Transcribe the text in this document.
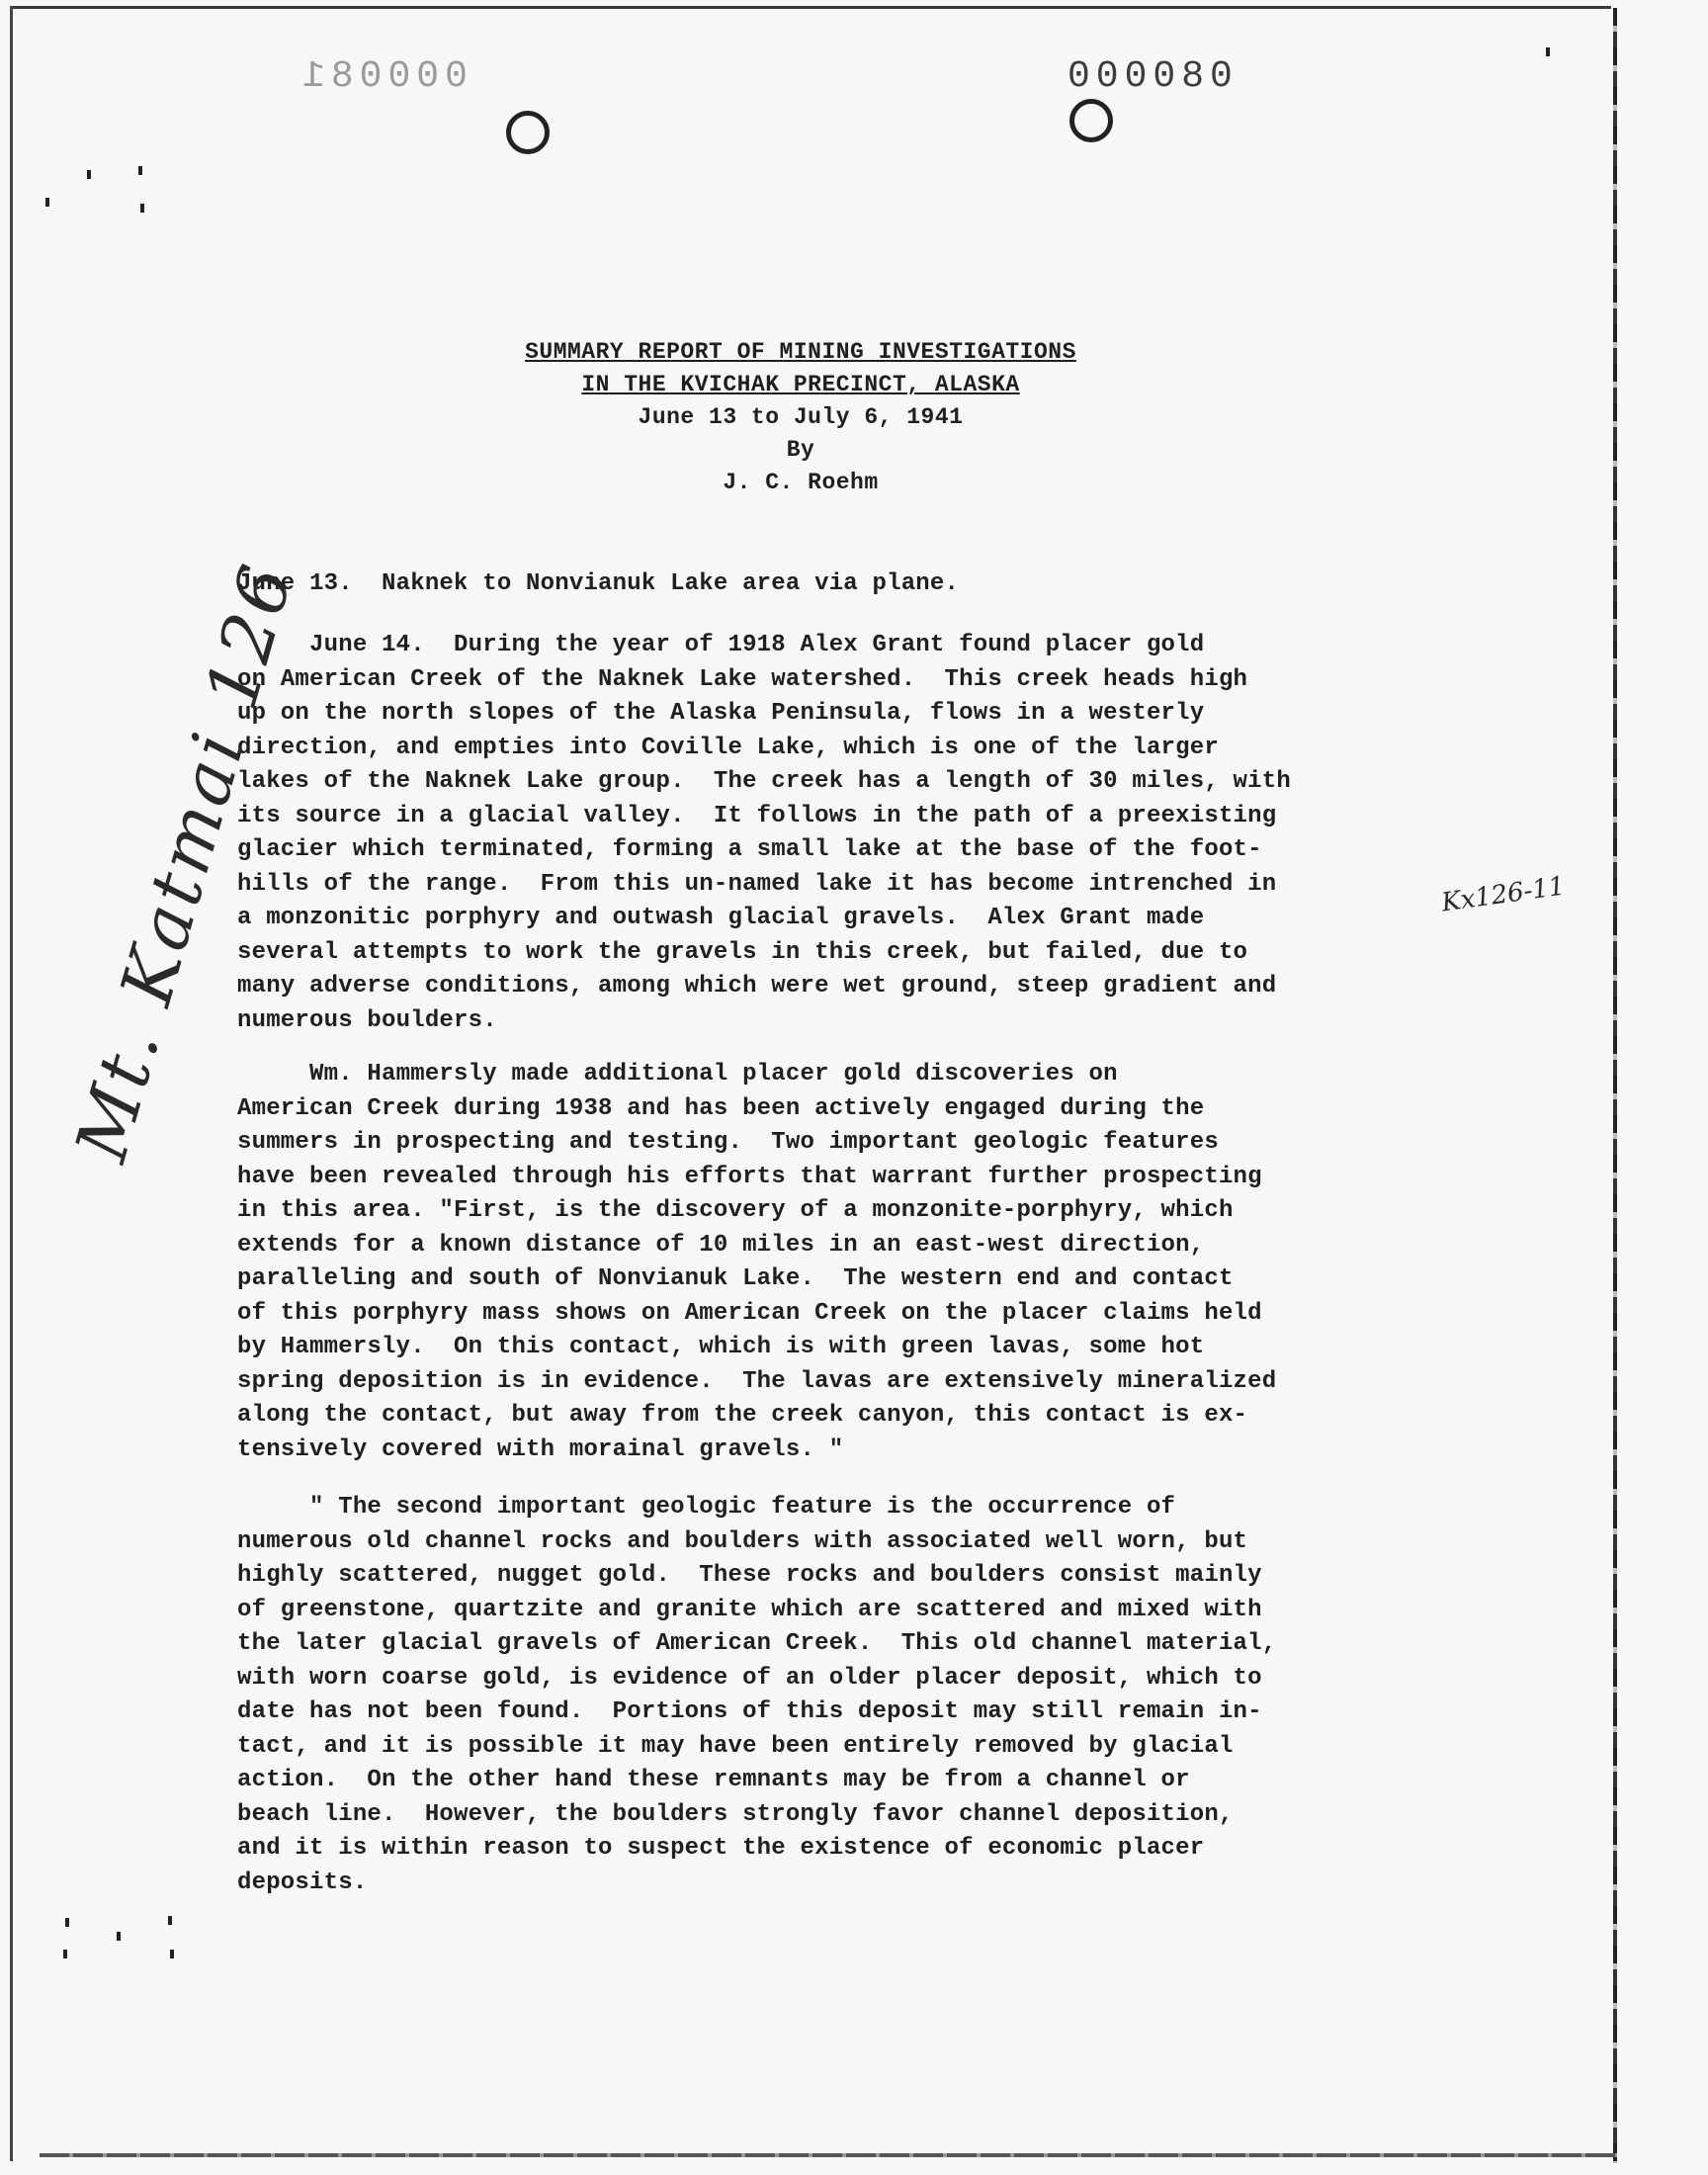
000081	000080
SUMMARY REPORT OF MINING INVESTIGATIONS
IN THE KVICHAK PRECINCT, ALASKA
June 13 to July 6, 1941
By
J. C. Roehm
June 13.  Naknek to Nonvianuk Lake area via plane.
June 14.  During the year of 1918 Alex Grant found placer gold
on American Creek of the Naknek Lake watershed.  This creek heads high
up on the north slopes of the Alaska Peninsula, flows in a westerly
direction, and empties into Coville Lake, which is one of the larger
lakes of the Naknek Lake group.  The creek has a length of 30 miles, with
its source in a glacial valley.  It follows in the path of a preexisting
glacier which terminated, forming a small lake at the base of the foot-
hills of the range.  From this un-named lake it has become intrenched in
a monzonitic porphyry and outwash glacial gravels.  Alex Grant made
several attempts to work the gravels in this creek, but failed, due to
many adverse conditions, among which were wet ground, steep gradient and
numerous boulders.
Wm. Hammersly made additional placer gold discoveries on
American Creek during 1938 and has been actively engaged during the
summers in prospecting and testing.  Two important geologic features
have been revealed through his efforts that warrant further prospecting
in this area. "First, is the discovery of a monzonite-porphyry, which
extends for a known distance of 10 miles in an east-west direction,
paralleling and south of Nonvianuk Lake.  The western end and contact
of this porphyry mass shows on American Creek on the placer claims held
by Hammersly.  On this contact, which is with green lavas, some hot
spring deposition is in evidence.  The lavas are extensively mineralized
along the contact, but away from the creek canyon, this contact is ex-
tensively covered with morainal gravels. "
" The second important geologic feature is the occurrence of
numerous old channel rocks and boulders with associated well worn, but
highly scattered, nugget gold.  These rocks and boulders consist mainly
of greenstone, quartzite and granite which are scattered and mixed with
the later glacial gravels of American Creek.  This old channel material,
with worn coarse gold, is evidence of an older placer deposit, which to
date has not been found.  Portions of this deposit may still remain in-
tact, and it is possible it may have been entirely removed by glacial
action.  On the other hand these remnants may be from a channel or
beach line.  However, the boulders strongly favor channel deposition,
and it is within reason to suspect the existence of economic placer
deposits.
Mt. Katmai 126	Kx126-11
